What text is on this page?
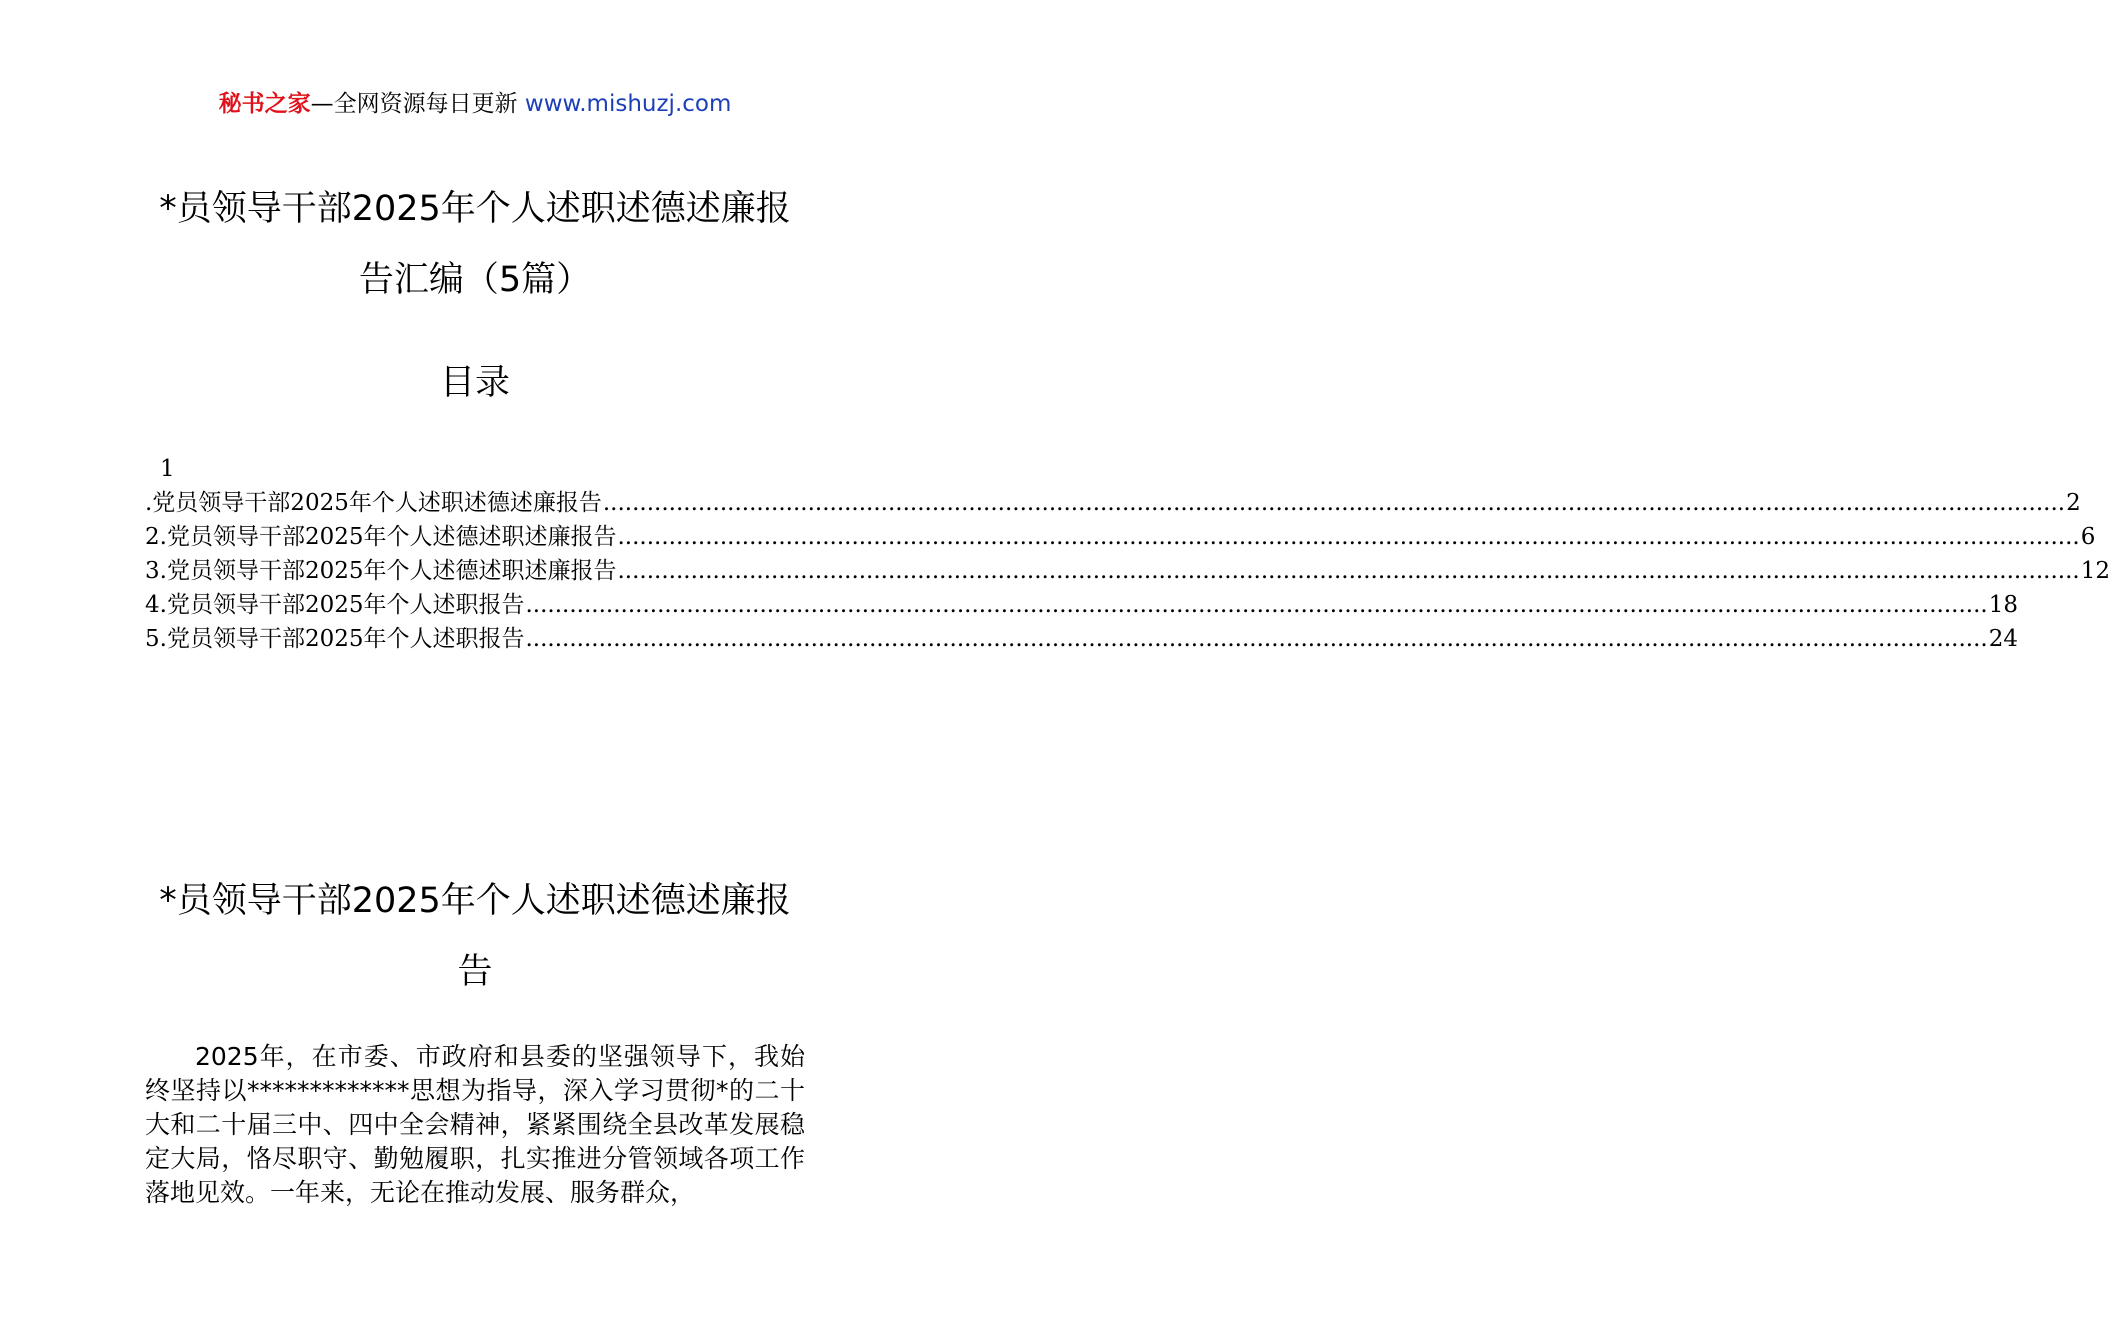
秘书之家—全网资源每日更新 www.mishuzj.com
*员领导干部2025年个人述职述德述廉报
告汇编（5篇）
目录
1
.党员领导干部2025年个人述职述德述廉报告 ........................................................................................................................................................................................................ 2
2.党员领导干部2025年个人述德述职述廉报告 ........................................................................................................................................................................................................ 6
3.党员领导干部2025年个人述德述职述廉报告 ........................................................................................................................................................................................................ 12
4.党员领导干部2025年个人述职报告 ........................................................................................................................................................................................................ 18
5.党员领导干部2025年个人述职报告 ........................................................................................................................................................................................................ 24
*员领导干部2025年个人述职述德述廉报
告
2025年，在市委、市政府和县委的坚强领导下，我始终坚持以*************思想为指导，深入学习贯彻*的二十大和二十届三中、四中全会精神，紧紧围绕全县改革发展稳定大局，恪尽职守、勤勉履职，扎实推进分管领域各项工作落地见效。一年来，无论在推动发展、服务群众，
